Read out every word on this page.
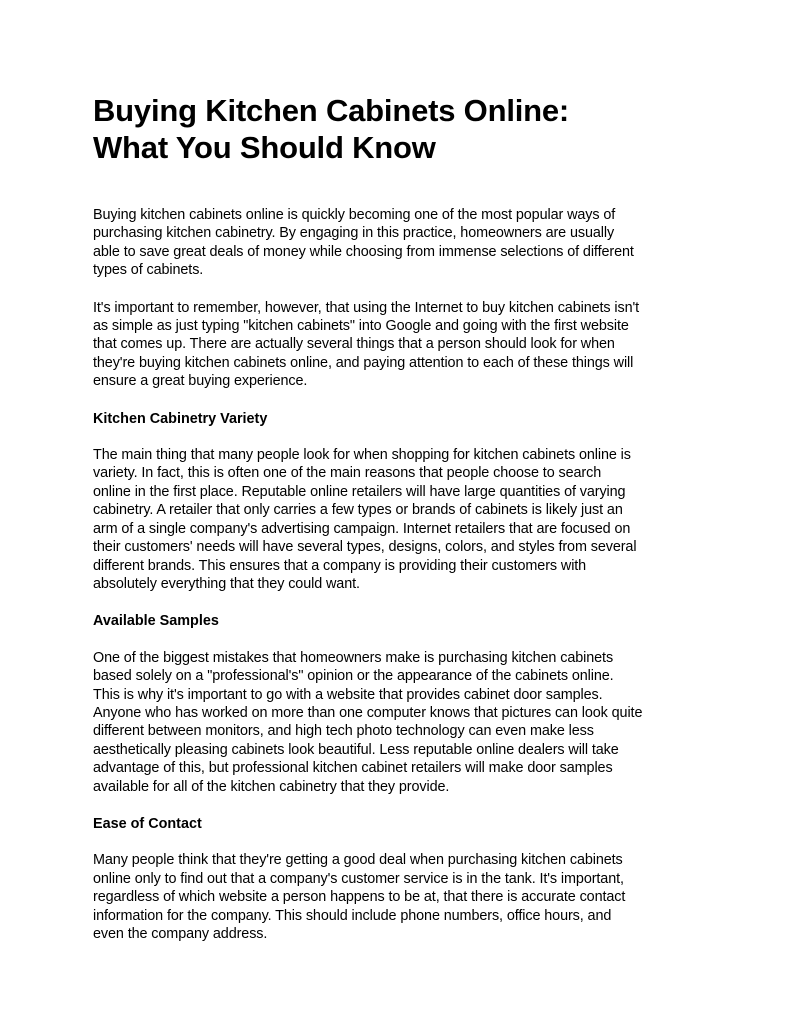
Buying Kitchen Cabinets Online:
What You Should Know

Buying kitchen cabinets online is quickly becoming one of the most popular ways of
purchasing kitchen cabinetry. By engaging in this practice, homeowners are usually
able to save great deals of money while choosing from immense selections of different
types of cabinets.

It's important to remember, however, that using the Internet to buy kitchen cabinets isn't
as simple as just typing "kitchen cabinets" into Google and going with the first website
that comes up. There are actually several things that a person should look for when
they're buying kitchen cabinets online, and paying attention to each of these things will
ensure a great buying experience.

Kitchen Cabinetry Variety

The main thing that many people look for when shopping for kitchen cabinets online is
variety. In fact, this is often one of the main reasons that people choose to search
online in the first place. Reputable online retailers will have large quantities of varying
cabinetry. A retailer that only carries a few types or brands of cabinets is likely just an
arm of a single company's advertising campaign. Internet retailers that are focused on
their customers' needs will have several types, designs, colors, and styles from several
different brands. This ensures that a company is providing their customers with
absolutely everything that they could want.

Available Samples

One of the biggest mistakes that homeowners make is purchasing kitchen cabinets
based solely on a "professional's" opinion or the appearance of the cabinets online.
This is why it's important to go with a website that provides cabinet door samples.
Anyone who has worked on more than one computer knows that pictures can look quite
different between monitors, and high tech photo technology can even make less
aesthetically pleasing cabinets look beautiful. Less reputable online dealers will take
advantage of this, but professional kitchen cabinet retailers will make door samples
available for all of the kitchen cabinetry that they provide.

Ease of Contact

Many people think that they're getting a good deal when purchasing kitchen cabinets
online only to find out that a company's customer service is in the tank. It's important,
regardless of which website a person happens to be at, that there is accurate contact
information for the company. This should include phone numbers, office hours, and
even the company address.
